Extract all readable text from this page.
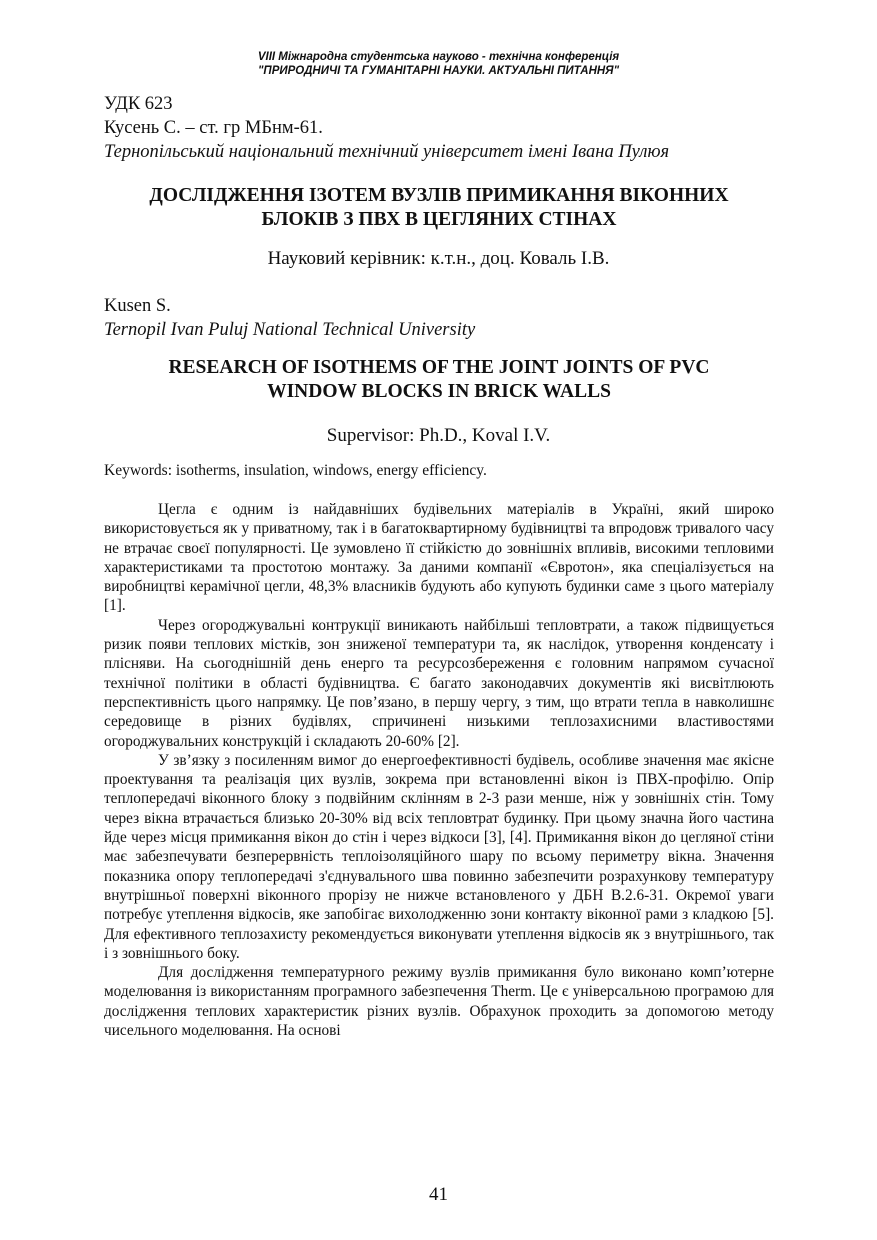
VIII Міжнародна студентська науково - технічна конференція
"ПРИРОДНИЧІ ТА ГУМАНІТАРНІ НАУКИ. АКТУАЛЬНІ ПИТАННЯ"
УДК 623
Кусень С. – ст. гр МБнм-61.
Тернопільський національний технічний університет імені Івана Пулюя
ДОСЛІДЖЕННЯ ІЗОТЕМ ВУЗЛІВ ПРИМИКАННЯ ВІКОННИХ
БЛОКІВ З ПВХ В ЦЕГЛЯНИХ СТІНАХ
Науковий керівник: к.т.н., доц. Коваль І.В.
Kusen S.
Ternopil Ivan Puluj National Technical University
RESEARCH OF ISOTHEMS OF THE JOINT JOINTS OF PVC
WINDOW BLOCKS IN BRICK WALLS
Supervisor: Ph.D., Koval I.V.
Keywords: isotherms, insulation, windows, energy efficiency.

Цегла є одним із найдавніших будівельних матеріалів в Україні, який широко використовується як у приватному, так і в багатоквартирному будівництві та впродовж тривалого часу не втрачає своєї популярності. Це зумовлено її стійкістю до зовнішніх впливів, високими тепловими характеристиками та простотою монтажу. За даними компанії «Євротон», яка спеціалізується на виробництві керамічної цегли, 48,3% власників будують або купують будинки саме з цього матеріалу [1].

Через огороджувальні контрукції виникають найбільші тепловтрати, а також підвищується ризик появи теплових містків, зон зниженої температури та, як наслідок, утворення конденсату і плісняви. На сьогоднішній день енерго та ресурсозбереження є головним напрямом сучасної технічної політики в області будівництва. Є багато законодавчих документів які висвітлюють перспективність цього напрямку. Це пов’язано, в першу чергу, з тим, що втрати тепла в навколишнє середовище в різних будівлях, спричинені низькими теплозахисними властивостями огороджувальних конструкцій і складають 20-60% [2].

У зв’язку з посиленням вимог до енергоефективності будівель, особливе значення має якісне проектування та реалізація цих вузлів, зокрема при встановленні вікон із ПВХ-профілю. Опір теплопередачі віконного блоку з подвійним склінням в 2-3 рази менше, ніж у зовнішніх стін. Тому через вікна втрачається близько 20-30% від всіх тепловтрат будинку. При цьому значна його частина йде через місця примикання вікон до стін і через відкоси [3], [4]. Примикання вікон до цегляної стіни має забезпечувати безперервність теплоізоляційного шару по всьому периметру вікна. Значення показника опору теплопередачі з'єднувального шва повинно забезпечити розрахункову температуру внутрішньої поверхні віконного прорізу не нижче встановленого у ДБН В.2.6-31. Окремої уваги потребує утеплення відкосів, яке запобігає вихолодженню зони контакту віконної рами з кладкою [5]. Для ефективного теплозахисту рекомендується виконувати утеплення відкосів як з внутрішнього, так і з зовнішнього боку.

Для дослідження температурного режиму вузлів примикання було виконано комп’ютерне моделювання із використанням програмного забезпечення Therm. Це є універсальною програмою для дослідження теплових характеристик різних вузлів. Обрахунок проходить за допомогою методу чисельного моделювання. На основі

41
